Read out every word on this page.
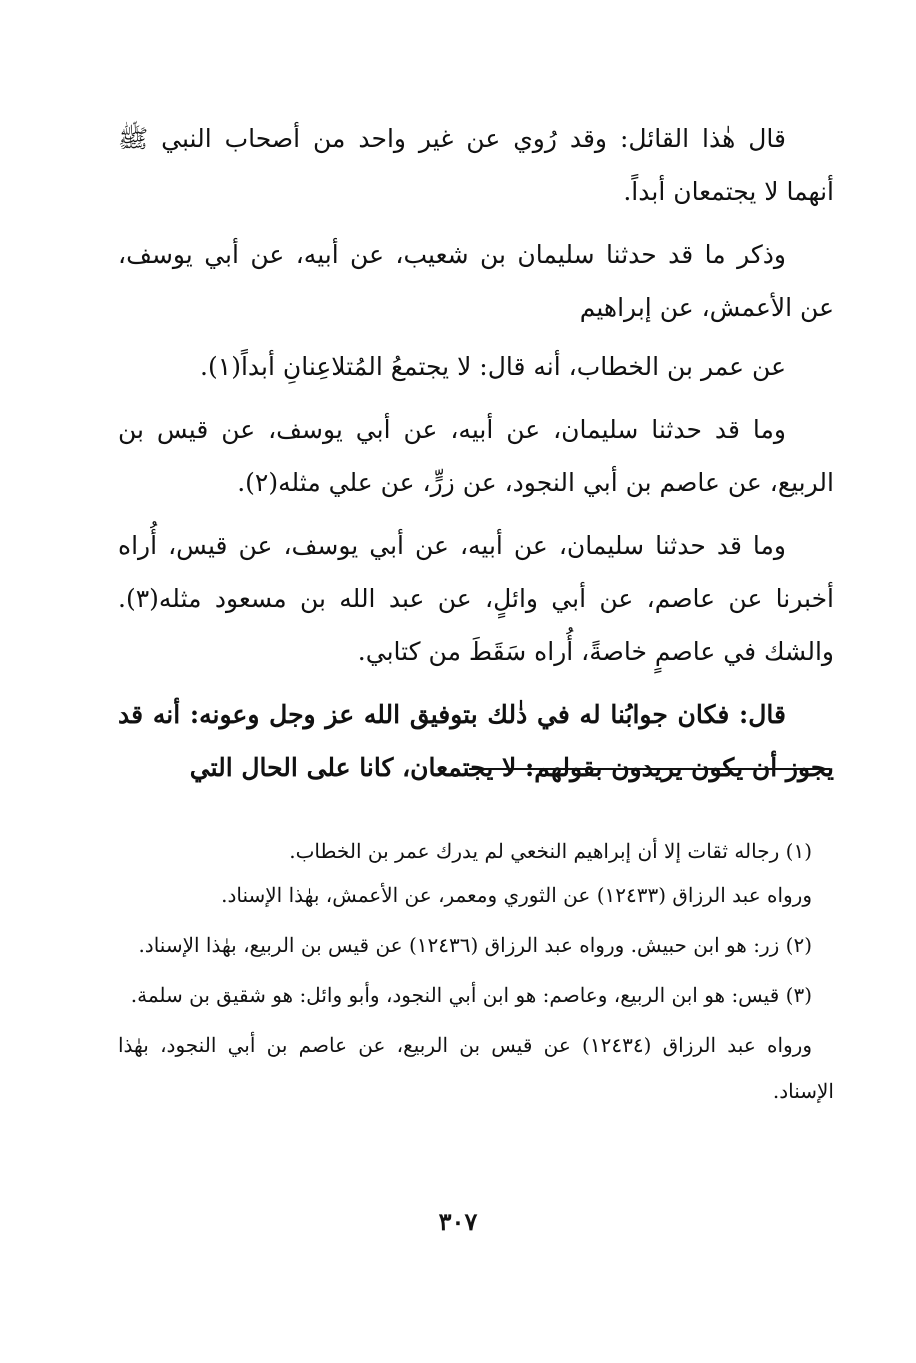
قال هٰذا القائل: وقد رُوي عن غير واحد من أصحاب النبي ﷺ أنهما لا يجتمعان أبداً.

وذكر ما قد حدثنا سليمان بن شعيب، عن أبيه، عن أبي يوسف، عن الأعمش، عن إبراهيم

عن عمر بن الخطاب، أنه قال: لا يجتمعُ المُتلاعِنانِ أبداً(١).

وما قد حدثنا سليمان، عن أبيه، عن أبي يوسف، عن قيس بن الربيع، عن عاصم بن أبي النجود، عن زرٍّ، عن علي مثله(٢).

وما قد حدثنا سليمان، عن أبيه، عن أبي يوسف، عن قيس، أُراه أخبرنا عن عاصم، عن أبي وائلٍ، عن عبد الله بن مسعود مثله(٣). والشك في عاصمٍ خاصةً، أُراه سَقَطَ من كتابي.

قال: فكان جوابُنا له في ذٰلك بتوفيق الله عز وجل وعونه: أنه قد يجوز أن يكون يريدون بقولهم: لا يجتمعان، كانا على الحال التي

(١) رجاله ثقات إلا أن إبراهيم النخعي لم يدرك عمر بن الخطاب.

ورواه عبد الرزاق (١٢٤٣٣) عن الثوري ومعمر، عن الأعمش، بهٰذا الإسناد.

(٢) زر: هو ابن حبيش. ورواه عبد الرزاق (١٢٤٣٦) عن قيس بن الربيع، بهٰذا الإسناد.

(٣) قيس: هو ابن الربيع، وعاصم: هو ابن أبي النجود، وأبو وائل: هو شقيق بن سلمة.

ورواه عبد الرزاق (١٢٤٣٤) عن قيس بن الربيع، عن عاصم بن أبي النجود، بهٰذا الإسناد.

٣٠٧
